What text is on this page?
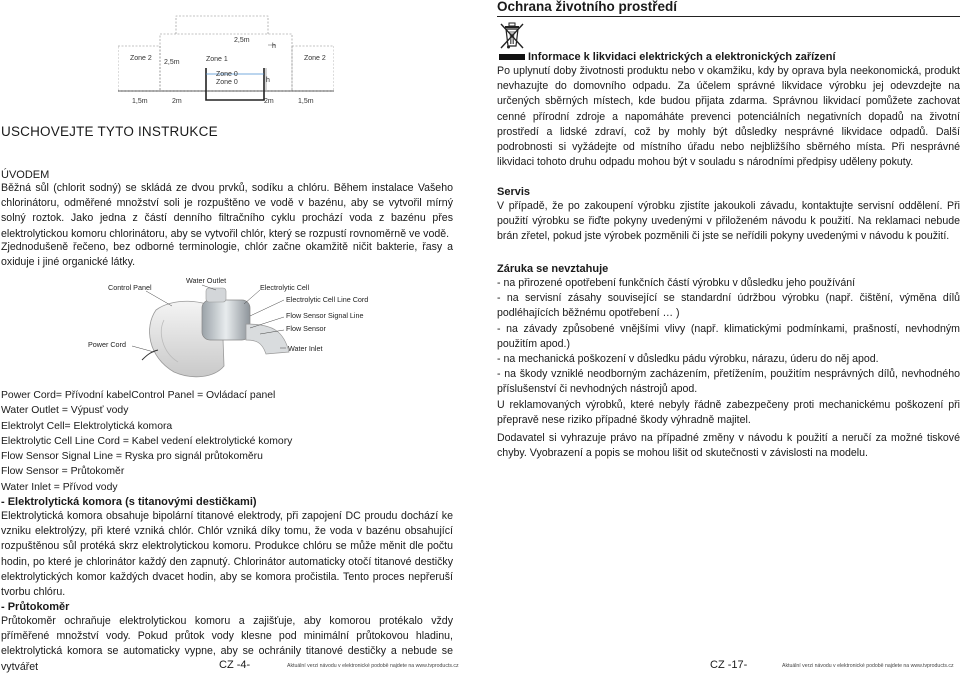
Zone 2	Zone 1	Zone 2
Zone 0
Zone 0
2,5m
2,5m
h
h
1,5m	2m	2m	1,5m
USCHOVEJTE TYTO INSTRUKCE
ÚVODEM

Běžná sůl (chlorit sodný) se skládá ze dvou prvků, sodíku a chlóru. Během instalace Vašeho chlorinátoru, odměřené množství soli je rozpuštěno ve vodě v bazénu, aby se vytvořil mírný solný roztok. Jako jedna z částí denního filtračního cyklu prochází voda z bazénu přes elektrolytickou komoru chlorinátoru, aby se vytvořil chlór, který se rozpustí rovnoměrně ve vodě.

Zjednodušeně řečeno, bez odborné terminologie, chlór začne okamžitě ničit bakterie, řasy a oxiduje i jiné organické látky.

Control Panel
Water Outlet
Electrolytic Cell
Electrolytic Cell Line Cord
Flow Sensor Signal Line
Flow Sensor
Power Cord	Water Inlet

Power Cord= Přívodní kabelControl Panel = Ovládací panel

Water Outlet = Výpusť vody

Elektrolyt Cell= Elektrolytická komora

Elektrolytic Cell Line Cord = Kabel vedení elektrolytické komory

Flow Sensor Signal Line = Ryska pro signál průtokoměru

Flow Sensor = Průtokoměr

Water Inlet = Přívod vody

- Elektrolytická komora (s titanovými destičkami)

Elektrolytická komora obsahuje bipolární titanové elektrody, při zapojení DC proudu dochází ke vzniku elektrolýzy, při které vzniká chlór. Chlór vzniká díky tomu, že voda v bazénu obsahující rozpuštěnou sůl protéká skrz elektrolytickou komoru. Produkce chlóru se může měnit dle počtu hodin, po které je chlorinátor každý den zapnutý. Chlorinátor automaticky otočí titanové destičky elektrolytických komor každých dvacet hodin, aby se komora pročistila. Tento proces nepřeruší tvorbu chlóru.

- Průtokoměr

Průtokoměr ochraňuje elektrolytickou komoru a zajišťuje, aby komorou protékalo vždy příměřené množství vody. Pokud průtok vody klesne pod minimální průtokovou hladinu, elektrolytická komora se automaticky vypne, aby se ochránily titanové destičky a nebude se vytvářet	CZ -4-	Aktuální verzi návodu v elektronické podobě najdete na www.tvproducts.cz
Ochrana životního prostředí
Informace k likvidaci elektrických a elektronických zařízení

Po uplynutí doby životnosti produktu nebo v okamžiku, kdy by oprava byla neekonomická, produkt nevhazujte do domovního odpadu. Za účelem správné likvidace výrobku jej odevzdejte na určených sběrných místech, kde budou přijata zdarma. Správnou likvidací pomůžete zachovat cenné přírodní zdroje a napomáháte prevenci potenciálních negativních dopadů na životní prostředí a lidské zdraví, což by mohly být důsledky nesprávné likvidace odpadů. Další podrobnosti si vyžádejte od místního úřadu nebo nejbližšího sběrného místa. Při nesprávné likvidaci tohoto druhu odpadu mohou být v souladu s národními předpisy uděleny pokuty.

Servis

V případě, že po zakoupení výrobku zjistíte jakoukoli závadu, kontaktujte servisní oddělení. Při použití výrobku se řiďte pokyny uvedenými v přiloženém návodu k použití. Na reklamaci nebude brán zřetel, pokud jste výrobek pozměnili či jste se neřídili pokyny uvedenými v návodu k použití.

Záruka se nevztahuje

- na přirozené opotřebení funkčních částí výrobku v důsledku jeho používání

- na servisní zásahy související se standardní údržbou výrobku (např. čištění, výměna dílů podléhajících běžnému opotřebení … )

- na závady způsobené vnějšími vlivy (např. klimatickými podmínkami, prašností, nevhodným použitím apod.)

- na mechanická poškození v důsledku pádu výrobku, nárazu, úderu do něj apod.

- na škody vzniklé neodborným zacházením, přetížením, použitím nesprávných dílů, nevhodného příslušenství či nevhodných nástrojů apod.

U reklamovaných výrobků, které nebyly řádně zabezpečeny proti mechanickému poškození při přepravě nese riziko případné škody výhradně majitel.

Dodavatel si vyhrazuje právo na případné změny v návodu k použití a neručí za možné tiskové chyby. Vyobrazení a popis se mohou lišit od skutečnosti v závislosti na modelu.

CZ -17-	Aktuální verzi návodu v elektronické podobě najdete na www.tvproducts.cz
